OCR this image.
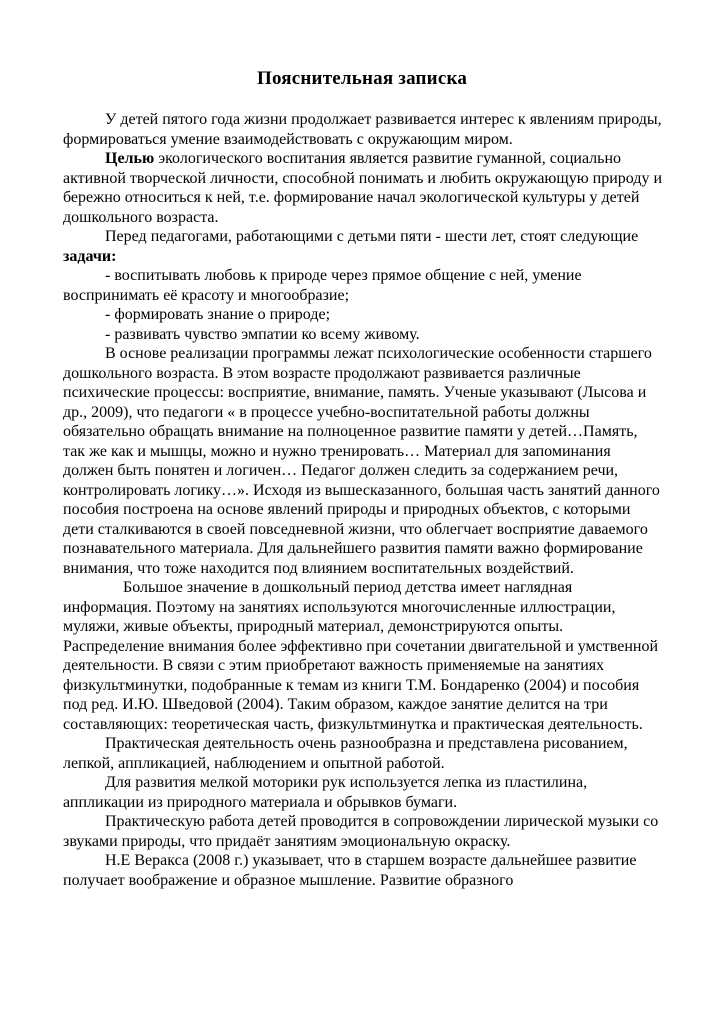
Пояснительная записка

У детей пятого года жизни продолжает развивается интерес к явлениям природы, формироваться умение взаимодействовать с окружающим миром.

Целью экологического воспитания является развитие гуманной, социально активной творческой личности, способной понимать и любить окружающую природу и бережно относиться к ней, т.е. формирование начал экологической культуры у детей дошкольного возраста.

Перед педагогами, работающими с детьми пяти - шести лет, стоят следующие задачи:

- воспитывать любовь к природе через прямое общение с ней, умение воспринимать её красоту и многообразие;

- формировать знание о природе;

- развивать чувство эмпатии ко всему живому.

В основе реализации программы лежат психологические особенности старшего дошкольного возраста. В этом возрасте продолжают развивается различные психические процессы: восприятие, внимание, память. Ученые указывают (Лысова и др., 2009), что педагоги « в процессе учебно-воспитательной работы должны обязательно обращать внимание на полноценное развитие памяти у детей…Память, так же как и мышцы, можно и нужно тренировать… Материал для запоминания должен быть понятен и логичен… Педагог должен следить за содержанием речи, контролировать логику…». Исходя из вышесказанного, большая часть занятий данного пособия построена на основе явлений природы и природных объектов, с которыми дети сталкиваются в своей повседневной жизни, что облегчает восприятие даваемого познавательного материала. Для дальнейшего развития памяти важно формирование внимания, что тоже находится под влиянием воспитательных воздействий.

Большое значение в дошкольный период детства имеет наглядная информация. Поэтому на занятиях используются многочисленные иллюстрации, муляжи, живые объекты, природный материал, демонстрируются опыты. Распределение внимания более эффективно при сочетании двигательной и умственной деятельности. В связи с этим приобретают важность применяемые на занятиях физкультминутки, подобранные к темам из книги Т.М. Бондаренко (2004) и пособия под ред. И.Ю. Шведовой (2004). Таким образом, каждое занятие делится на три составляющих: теоретическая часть, физкультминутка и практическая деятельность.

Практическая деятельность очень разнообразна и представлена рисованием, лепкой, аппликацией, наблюдением и опытной работой.

Для развития мелкой моторики рук используется лепка из пластилина, аппликации из природного материала и обрывков бумаги.

Практическую работа детей проводится в сопровождении лирической музыки со звуками природы, что придаёт занятиям эмоциональную окраску.

Н.Е Веракса (2008 г.) указывает, что в старшем возрасте дальнейшее развитие получает воображение и образное мышление. Развитие образного
